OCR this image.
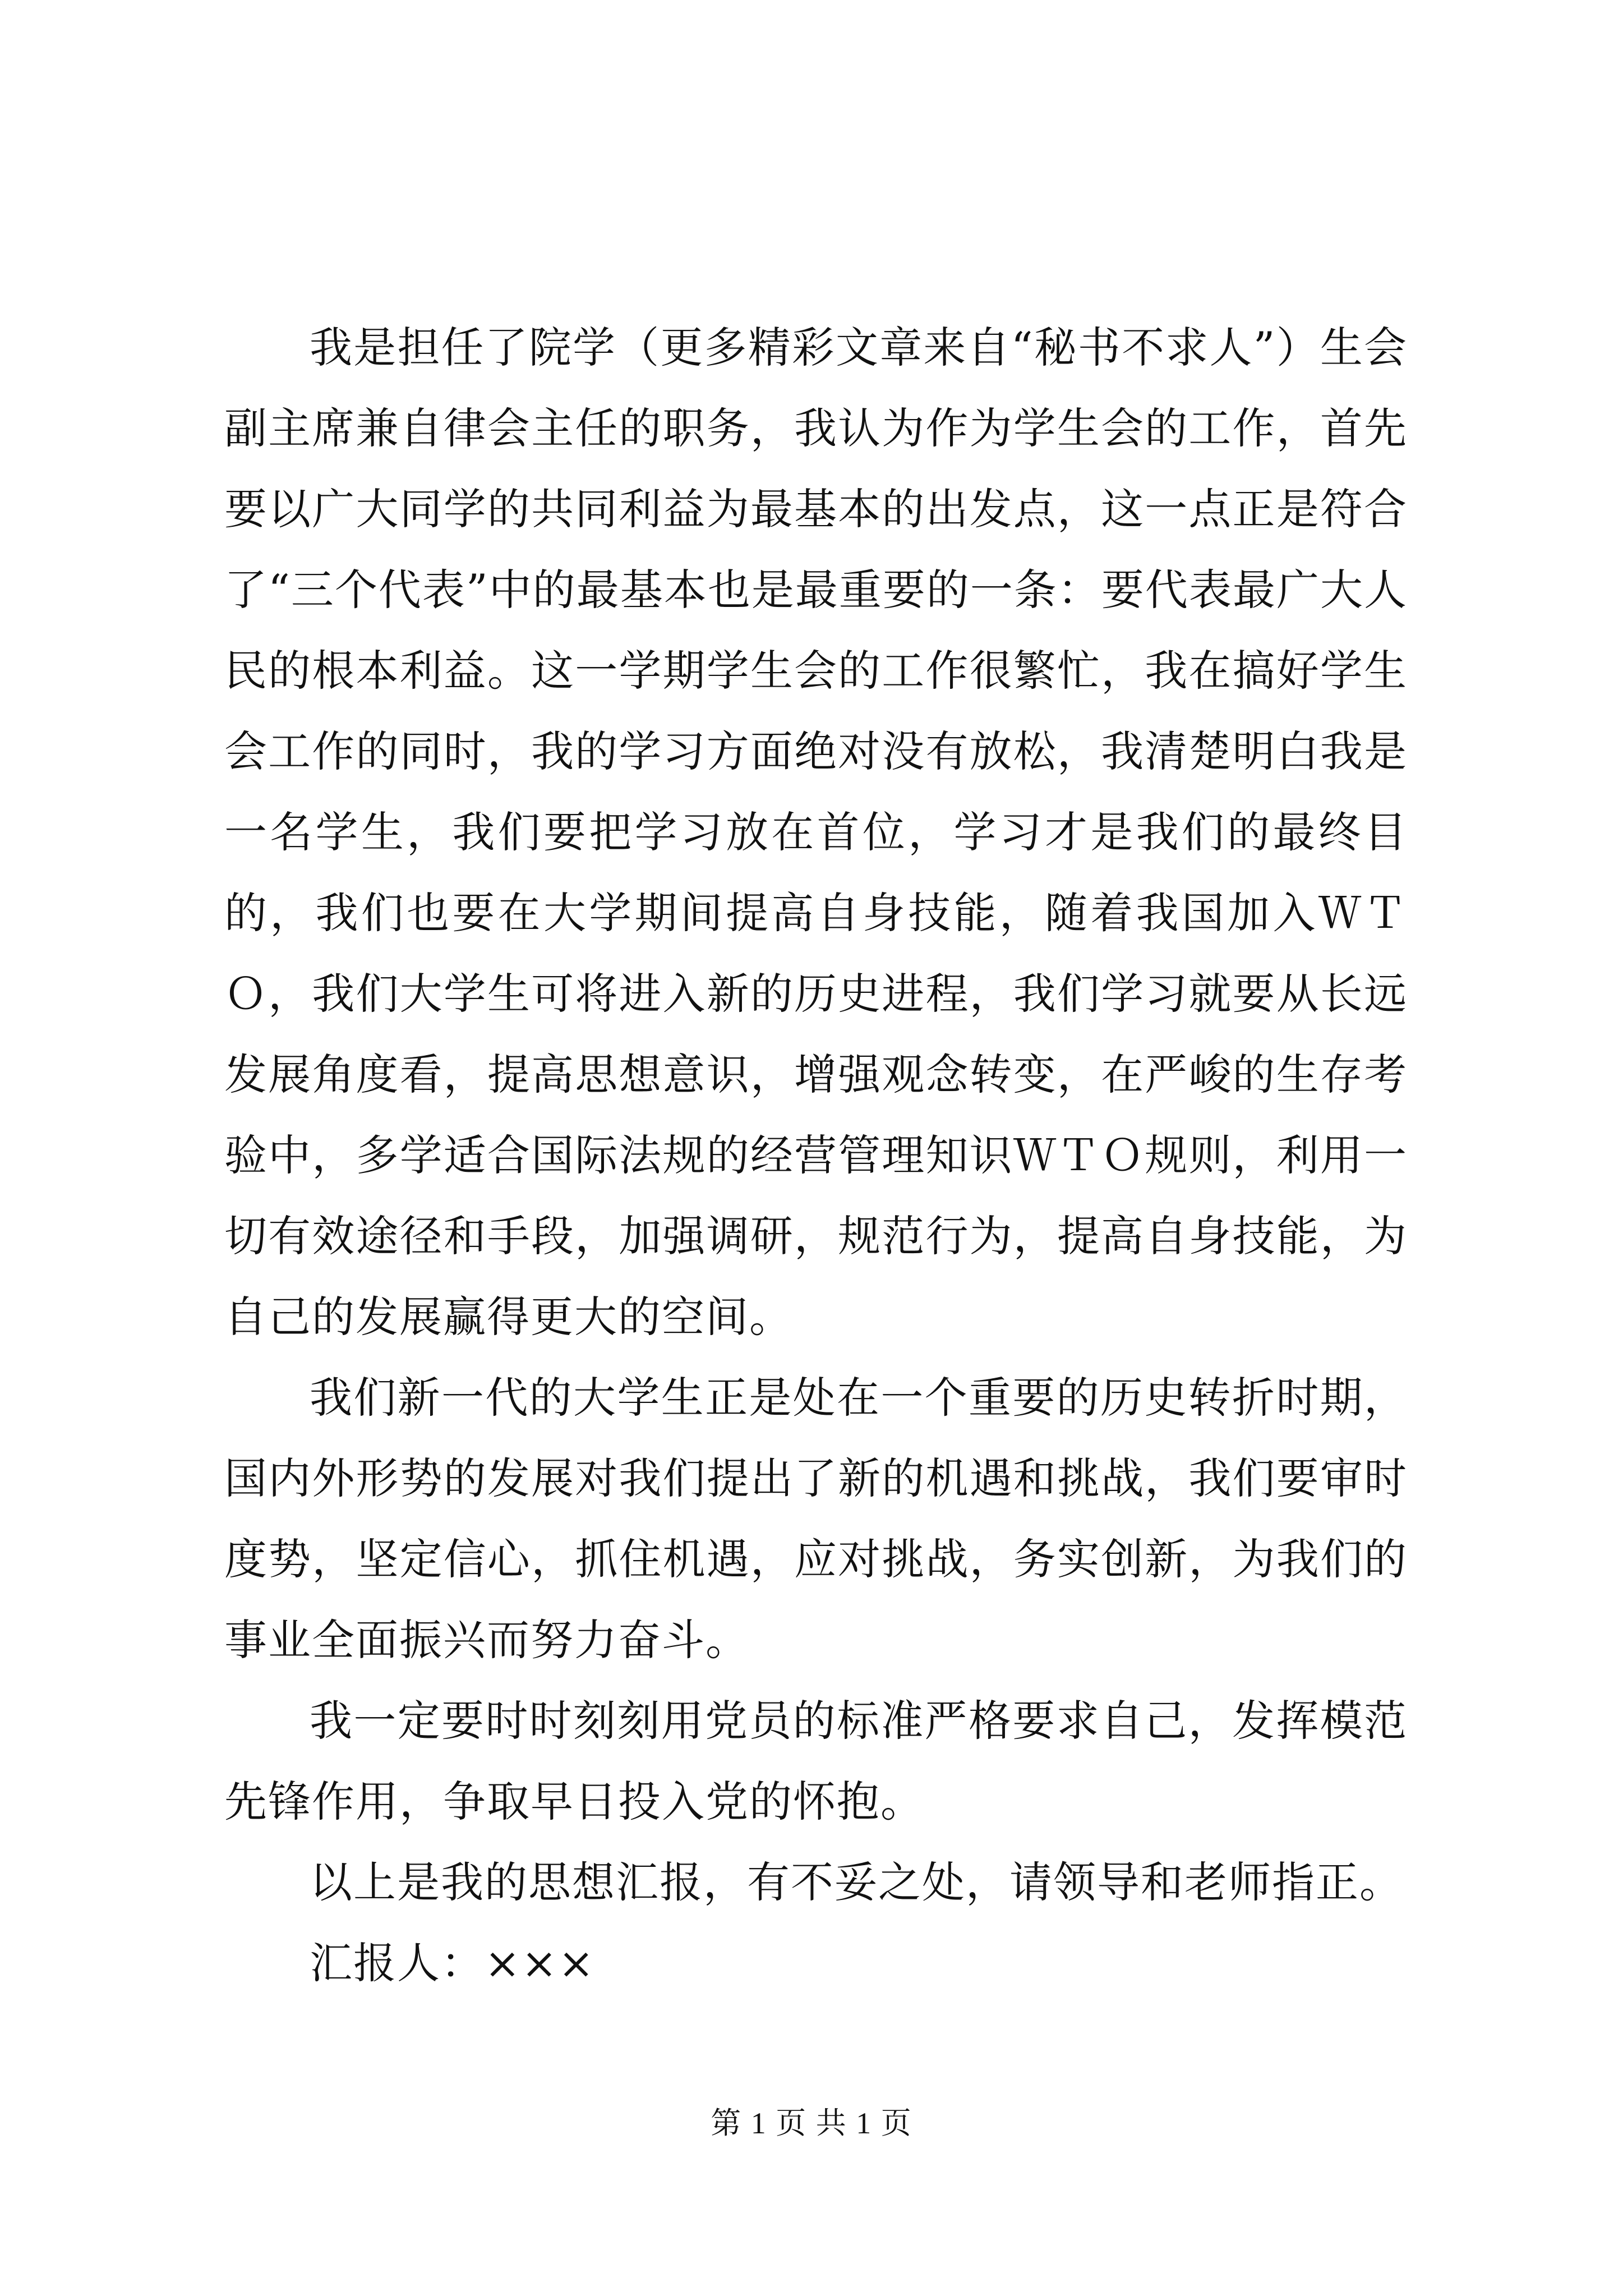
我是担任了院学（更多精彩文章来自“秘书不求人”）生会副主席兼自律会主任的职务，我认为作为学生会的工作，首先要以广大同学的共同利益为最基本的出发点，这一点正是符合了“三个代表”中的最基本也是最重要的一条：要代表最广大人民的根本利益。这一学期学生会的工作很繁忙，我在搞好学生会工作的同时，我的学习方面绝对没有放松，我清楚明白我是一名学生，我们要把学习放在首位，学习才是我们的最终目的，我们也要在大学期间提高自身技能，随着我国加入ＷＴＯ，我们大学生可将进入新的历史进程，我们学习就要从长远发展角度看，提高思想意识，增强观念转变，在严峻的生存考验中，多学适合国际法规的经营管理知识ＷＴＯ规则，利用一切有效途径和手段，加强调研，规范行为，提高自身技能，为自己的发展赢得更大的空间。

我们新一代的大学生正是处在一个重要的历史转折时期，国内外形势的发展对我们提出了新的机遇和挑战，我们要审时度势，坚定信心，抓住机遇，应对挑战，务实创新，为我们的事业全面振兴而努力奋斗。

我一定要时时刻刻用党员的标准严格要求自己，发挥模范先锋作用，争取早日投入党的怀抱。

以上是我的思想汇报，有不妥之处，请领导和老师指正。

汇报人：×××

第 1 页 共 1 页
